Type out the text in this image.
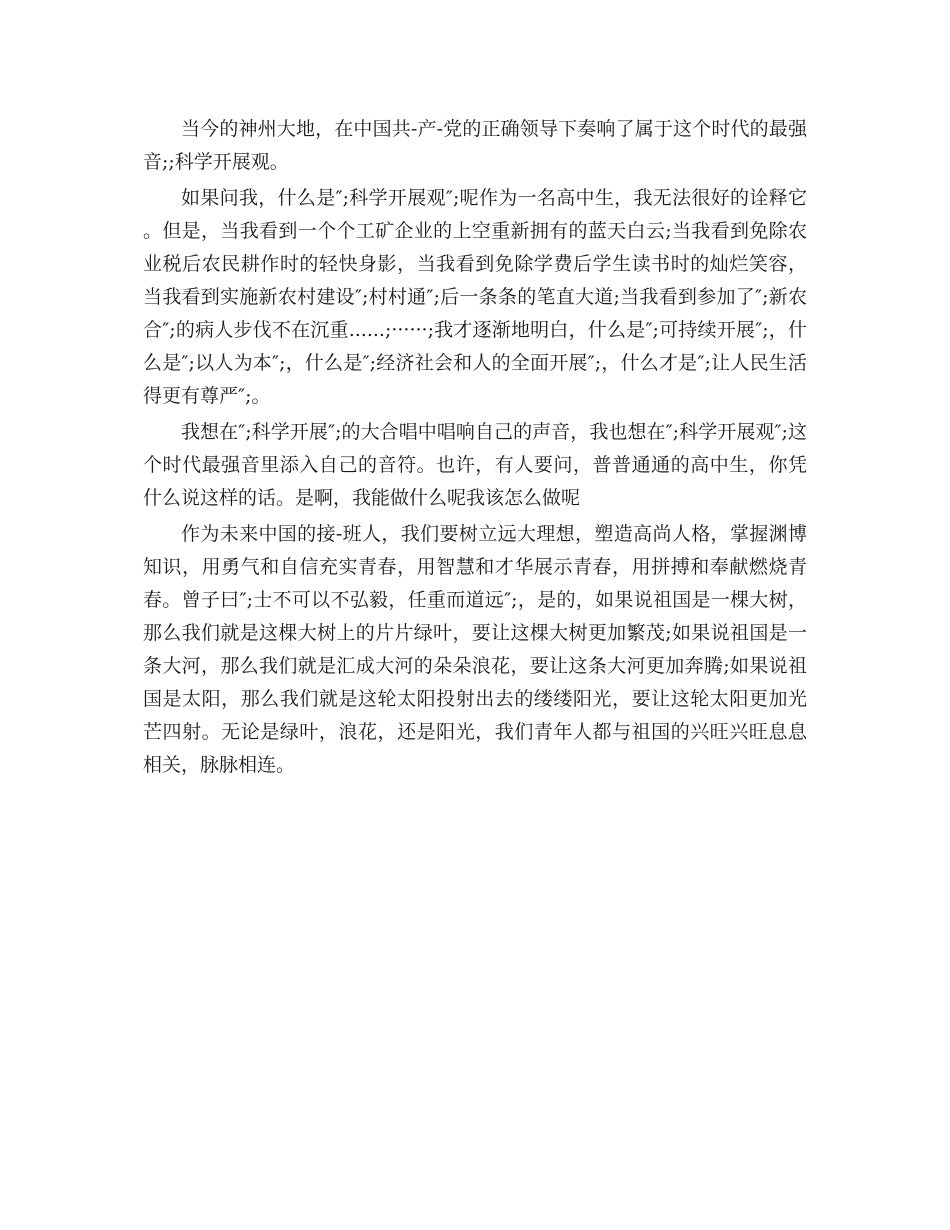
当今的神州大地，在中国共-产-党的正确领导下奏响了属于这个时代的最强音;;科学开展观。

如果问我，什么是″;科学开展观″;呢作为一名高中生，我无法很好的诠释它。但是，当我看到一个个工矿企业的上空重新拥有的蓝天白云;当我看到免除农业税后农民耕作时的轻快身影，当我看到免除学费后学生读书时的灿烂笑容，当我看到实施新农村建设″;村村通″;后一条条的笔直大道;当我看到参加了″;新农合″;的病人步伐不在沉重......;······;我才逐渐地明白，什么是″;可持续开展″;，什么是″;以人为本″;，什么是″;经济社会和人的全面开展″;，什么才是″;让人民生活得更有尊严″;。

我想在″;科学开展″;的大合唱中唱响自己的声音，我也想在″;科学开展观″;这个时代最强音里添入自己的音符。也许，有人要问，普普通通的高中生，你凭什么说这样的话。是啊，我能做什么呢我该怎么做呢

作为未来中国的接-班人，我们要树立远大理想，塑造高尚人格，掌握渊博知识，用勇气和自信充实青春，用智慧和才华展示青春，用拼搏和奉献燃烧青春。曾子曰″;士不可以不弘毅，任重而道远″;，是的，如果说祖国是一棵大树，那么我们就是这棵大树上的片片绿叶，要让这棵大树更加繁茂;如果说祖国是一条大河，那么我们就是汇成大河的朵朵浪花，要让这条大河更加奔腾;如果说祖国是太阳，那么我们就是这轮太阳投射出去的缕缕阳光，要让这轮太阳更加光芒四射。无论是绿叶，浪花，还是阳光，我们青年人都与祖国的兴旺兴旺息息相关，脉脉相连。
